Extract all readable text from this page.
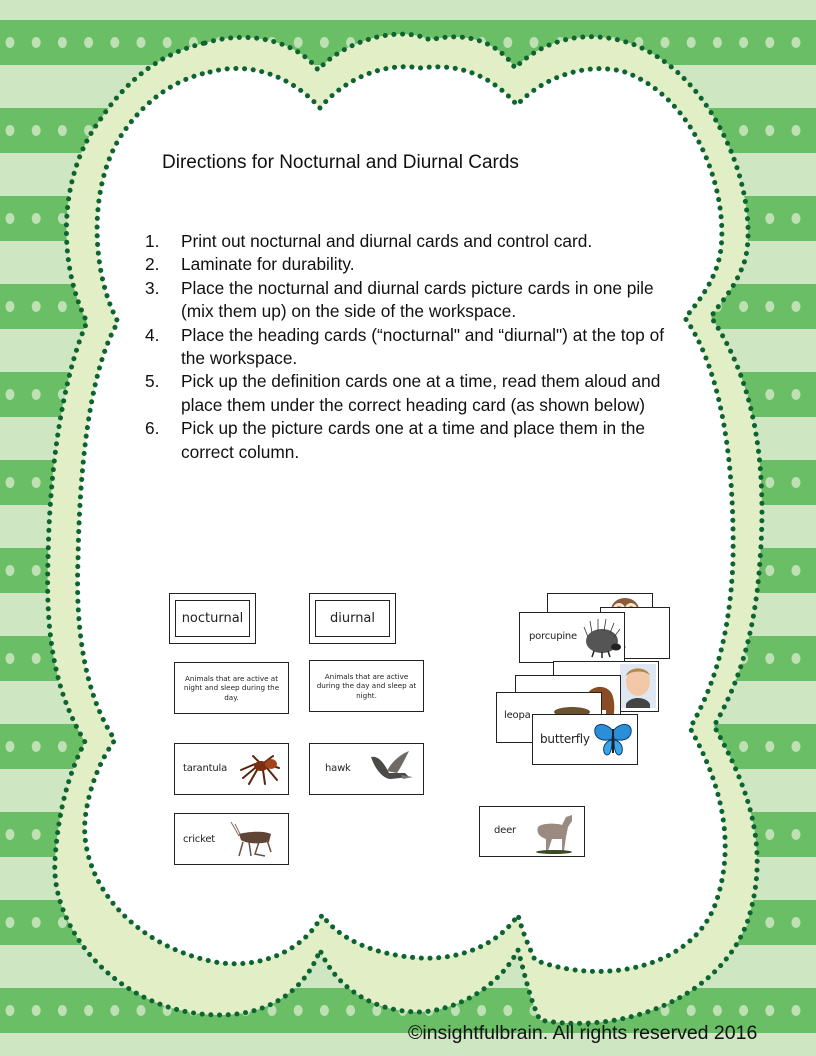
Directions for Nocturnal and Diurnal Cards
1. Print out nocturnal and diurnal cards and control card.
2. Laminate for durability.
3. Place the nocturnal and diurnal cards picture cards in one pile (mix them up) on the side of the workspace.
4. Place the heading cards (“nocturnal" and “diurnal") at the top of the workspace.
5. Pick up the definition cards one at a time, read them aloud and place them under the correct heading card (as shown below)
6. Pick up the picture cards one at a time and place them in the correct column.
nocturnal	diurnal
Animals that are active at night and sleep during the day.
Animals that are active during the day and sleep at night.
tarantula
cricket
hawk
porcupine
leopa
butterfly
deer
©insightfulbrain. All rights reserved 2016
